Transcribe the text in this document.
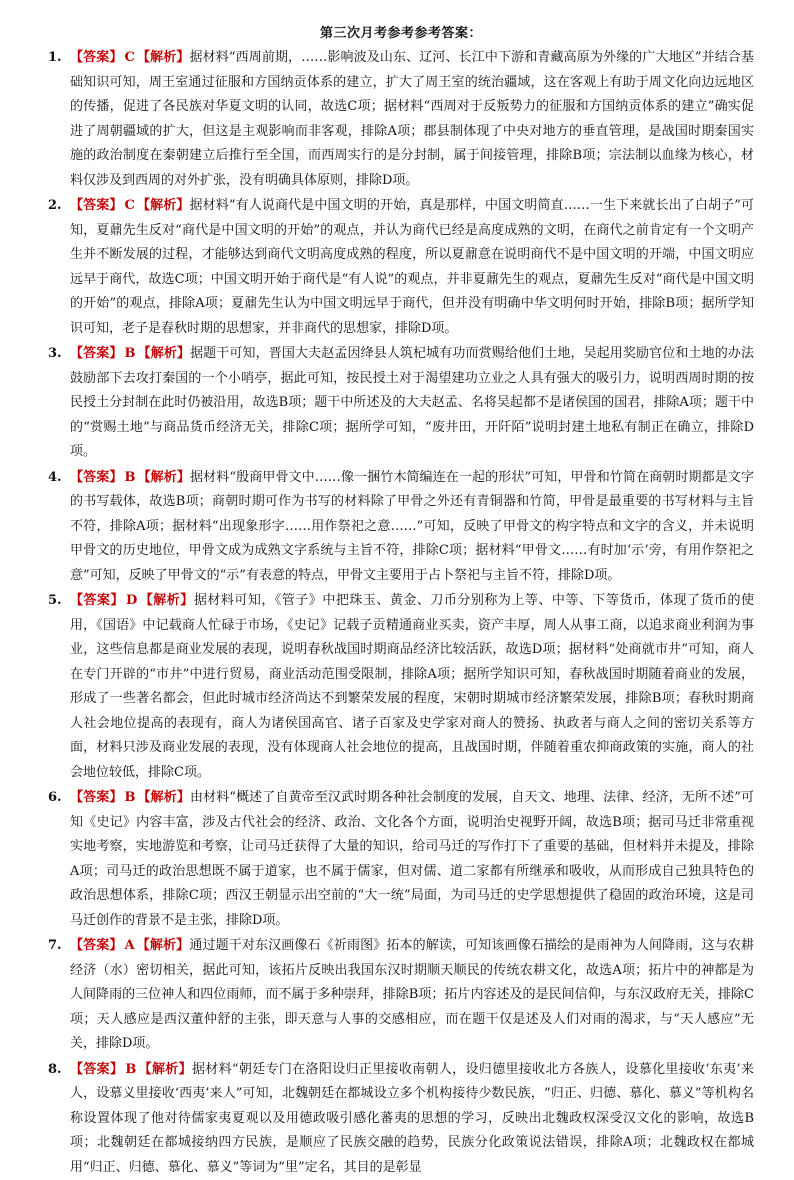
第三次月考参考参考答案：
1. 【答案】 C 【解析】据材料“西周前期，……影响波及山东、辽河、长江中下游和青藏高原为外缘的广大地区”并结合基础知识可知，周王室通过征服和方国纳贡体系的建立，扩大了周王室的统治疆域，这在客观上有助于周文化向边远地区的传播，促进了各民族对华夏文明的认同，故选C项；据材料“西周对于反叛势力的征服和方国纳贡体系的建立”确实促进了周朝疆域的扩大，但这是主观影响而非客观，排除A项；郡县制体现了中央对地方的垂直管理，是战国时期秦国实施的政治制度在秦朝建立后推行至全国，而西周实行的是分封制，属于间接管理，排除B项；宗法制以血缘为核心，材料仅涉及到西周的对外扩张，没有明确具体原则，排除D项。
2. 【答案】 C 【解析】据材料“有人说商代是中国文明的开始，真是那样，中国文明简直……一生下来就长出了白胡子”可知，夏鼐先生反对“商代是中国文明的开始”的观点，并认为商代已经是高度成熟的文明，在商代之前肯定有一个文明产生并不断发展的过程，才能够达到商代文明高度成熟的程度，所以夏鼐意在说明商代不是中国文明的开端，中国文明应远早于商代，故选C项；中国文明开始于商代是“有人说”的观点，并非夏鼐先生的观点，夏鼐先生反对“商代是中国文明的开始”的观点，排除A项；夏鼐先生认为中国文明远早于商代，但并没有明确中华文明何时开始，排除B项；据所学知识可知，老子是春秋时期的思想家，并非商代的思想家，排除D项。
3. 【答案】 B 【解析】据题干可知，晋国大夫赵孟因绛县人筑杞城有功而赏赐给他们土地，吴起用奖励官位和土地的办法鼓励部下去攻打秦国的一个小哨亭，据此可知，按民授土对于渴望建功立业之人具有强大的吸引力，说明西周时期的按民授土分封制在此时仍被沿用，故选B项；题干中所述及的大夫赵孟、名将吴起都不是诸侯国的国君，排除A项；题干中的“赏赐土地”与商品货币经济无关，排除C项；据所学可知，“废井田，开阡陌”说明封建土地私有制正在确立，排除D项。
4. 【答案】 B 【解析】据材料“殷商甲骨文中……像一捆竹木简编连在一起的形状”可知，甲骨和竹简在商朝时期都是文字的书写载体，故选B项；商朝时期可作为书写的材料除了甲骨之外还有青铜器和竹简，甲骨是最重要的书写材料与主旨不符，排除A项；据材料“出现象形字……用作祭祀之意……”可知，反映了甲骨文的构字特点和文字的含义，并未说明甲骨文的历史地位，甲骨文成为成熟文字系统与主旨不符，排除C项；据材料“甲骨文……有时加‘示’旁，有用作祭祀之意”可知，反映了甲骨文的“示”有表意的特点，甲骨文主要用于占卜祭祀与主旨不符，排除D项。
5. 【答案】 D 【解析】据材料可知，《管子》中把珠玉、黄金、刀币分别称为上等、中等、下等货币，体现了货币的使用，《国语》中记载商人忙碌于市场，《史记》记载子贡精通商业买卖，资产丰厚，周人从事工商，以追求商业利润为事业，这些信息都是商业发展的表现，说明春秋战国时期商品经济比较活跃，故选D项；据材料“处商就市井”可知，商人在专门开辟的“市井”中进行贸易，商业活动范围受限制，排除A项；据所学知识可知，春秋战国时期随着商业的发展，形成了一些著名都会，但此时城市经济尚达不到繁荣发展的程度，宋朝时期城市经济繁荣发展，排除B项；春秋时期商人社会地位提高的表现有，商人为诸侯国高官、诸子百家及史学家对商人的赞扬、执政者与商人之间的密切关系等方面，材料只涉及商业发展的表现，没有体现商人社会地位的提高，且战国时期，伴随着重农抑商政策的实施，商人的社会地位较低，排除C项。
6. 【答案】 B 【解析】由材料“概述了自黄帝至汉武时期各种社会制度的发展，自天文、地理、法律、经济，无所不述”可知《史记》内容丰富，涉及古代社会的经济、政治、文化各个方面，说明治史视野开阔，故选B项；据司马迁非常重视实地考察，实地游览和考察，让司马迁获得了大量的知识，给司马迁的写作打下了重要的基础，但材料并未提及，排除A项；司马迁的政治思想既不属于道家，也不属于儒家，但对儒、道二家都有所继承和吸收，从而形成自己独具特色的政治思想体系，排除C项；西汉王朝显示出空前的“大一统”局面，为司马迁的史学思想提供了稳固的政治环境，这是司马迁创作的背景不是主张，排除D项。
7. 【答案】 A 【解析】通过题干对东汉画像石《祈雨图》拓本的解读，可知该画像石描绘的是雨神为人间降雨，这与农耕经济（水）密切相关，据此可知，该拓片反映出我国东汉时期顺天顺民的传统农耕文化，故选A项；拓片中的神都是为人间降雨的三位神人和四位雨师，而不属于多种崇拜，排除B项；拓片内容述及的是民间信仰，与东汉政府无关，排除C项；天人感应是西汉董仲舒的主张，即天意与人事的交感相应，而在题干仅是述及人们对雨的渴求，与“天人感应”无关，排除D项。
8. 【答案】 B 【解析】据材料“朝廷专门在洛阳设归正里接收南朝人，设归德里接收北方各族人，设慕化里接收‘东夷’来人，设慕义里接收‘西夷’来人”可知，北魏朝廷在都城设立多个机构接待少数民族，“归正、归德、慕化、慕义”等机构名称设置体现了他对待儒家夷夏观以及用德政吸引感化蕃夷的思想的学习，反映出北魏政权深受汉文化的影响，故选B项；北魏朝廷在都城接纳四方民族，是顺应了民族交融的趋势，民族分化政策说法错误，排除A项；北魏政权在都城用“归正、归德、慕化、慕义”等词为“里”定名，其目的是彰显
